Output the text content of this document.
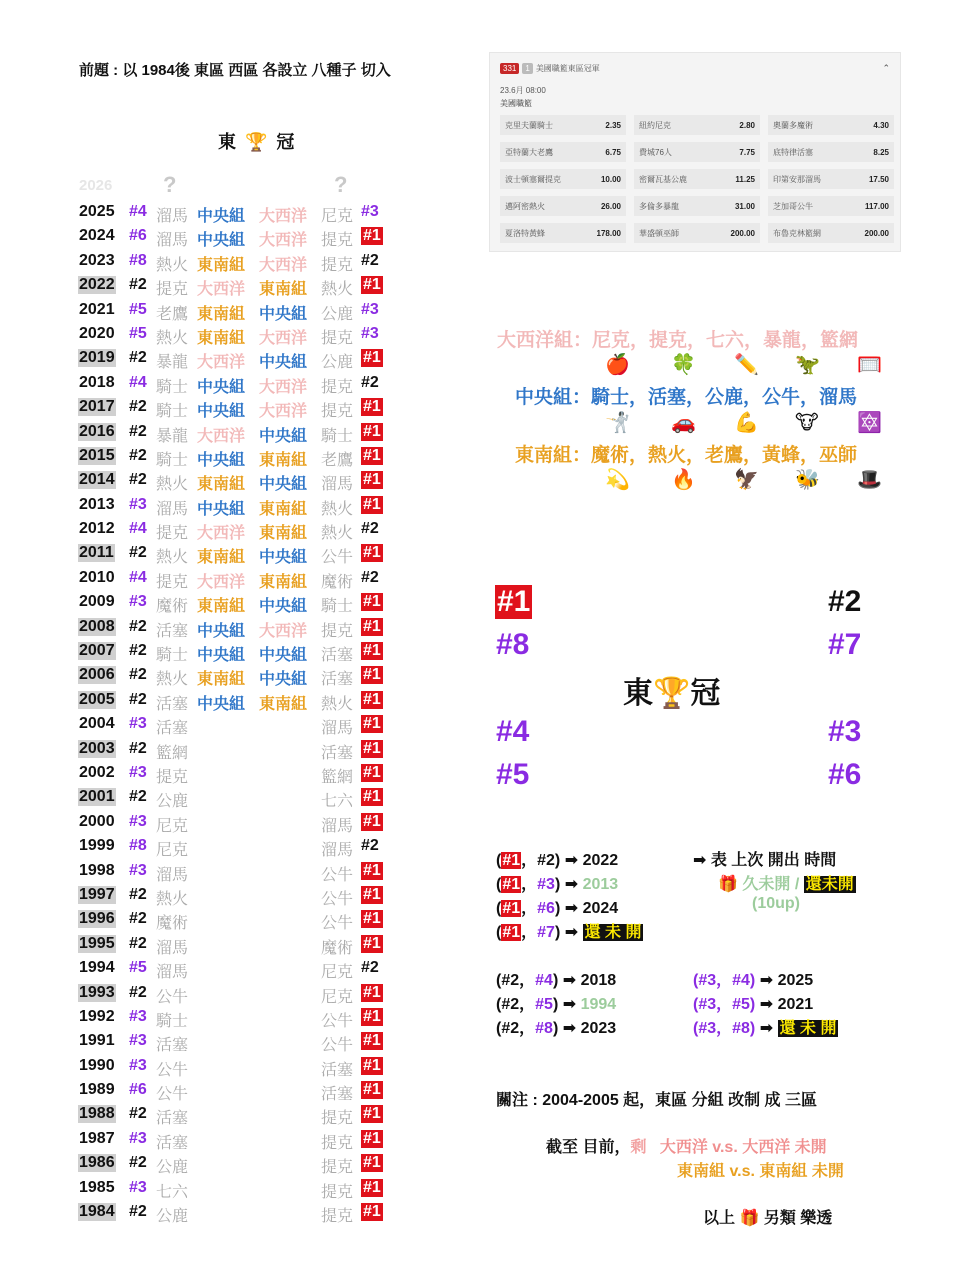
前題 : 以 1984後 東區 西區 各設立 八種子 切入
東 🏆 冠
2026 ?	?
2025 #4 溜馬 中央組 大西洋 尼克 #3
2024 #6 溜馬 中央組 大西洋 提克 #1
2023 #8 熱火 東南組 大西洋 提克 #2
2022 #2 提克 大西洋 東南組 熱火 #1
2021 #5 老鷹 東南組 中央組 公鹿 #3
2020 #5 熱火 東南組 大西洋 提克 #3
2019 #2 暴龍 大西洋 中央組 公鹿 #1
2018 #4 騎士 中央組 大西洋 提克 #2
2017 #2 騎士 中央組 大西洋 提克 #1
2016 #2 暴龍 大西洋 中央組 騎士 #1
2015 #2 騎士 中央組 東南組 老鷹 #1
2014 #2 熱火 東南組 中央組 溜馬 #1
2013 #3 溜馬 中央組 東南組 熱火 #1
2012 #4 提克 大西洋 東南組 熱火 #2
2011 #2 熱火 東南組 中央組 公牛 #1
2010 #4 提克 大西洋 東南組 魔術 #2
2009 #3 魔術 東南組 中央組 騎士 #1
2008 #2 活塞 中央組 大西洋 提克 #1
2007 #2 騎士 中央組 中央組 活塞 #1
2006 #2 熱火 東南組 中央組 活塞 #1
2005 #2 活塞 中央組 東南組 熱火 #1
2004 #3 活塞	溜馬 #1
2003 #2 籃網	活塞 #1
2002 #3 提克	籃網 #1
2001 #2 公鹿	七六 #1
2000 #3 尼克	溜馬 #1
1999 #8 尼克	溜馬 #2
1998 #3 溜馬	公牛 #1
1997 #2 熱火	公牛 #1
1996 #2 魔術	公牛 #1
1995 #2 溜馬	魔術 #1
1994 #5 溜馬	尼克 #2
1993 #2 公牛	尼克 #1
1992 #3 騎士	公牛 #1
1991 #3 活塞	公牛 #1
1990 #3 公牛	活塞 #1
1989 #6 公牛	活塞 #1
1988 #2 活塞	提克 #1
1987 #3 活塞	提克 #1
1986 #2 公鹿	提克 #1
1985 #3 七六	提克 #1
1984 #2 公鹿	提克 #1
331	1 美國職籃東區冠軍	⌃
23.6月 08:00
美國職籃
克里夫蘭騎士	2.35 紐約尼克	2.80 奧蘭多魔術	4.30
亞特蘭大老鷹	6.75 費城76人	7.75 底特律活塞	8.25
波士頓塞爾提克	10.00 密爾瓦基公鹿	11.25 印第安那溜馬	17.50
邁阿密熱火	26.00 多倫多暴龍	31.00 芝加哥公牛	117.00
夏洛特黃蜂	178.00 華盛頓巫師	200.00 布魯克林籃網	200.00
大西洋組：尼克，提克，七六，暴龍，籃網
🍎 🍀 ✏️ 🦖 🥅
中央組：騎士，活塞，公鹿，公牛，溜馬
🤺 🚗 💪 🐮 🔯
東南組：魔術，熱火，老鷹，黃蜂，巫師
💫 🔥 🦅 🐝 🎩
#1	#2
#8	#7
東🏆冠
#4	#3
#5	#6
(#1，#2) ➡ 2022
(#1，#3) ➡ 2013
(#1，#6) ➡ 2024
(#1，#7) ➡ 還 未 開
➡ 表 上次 開出 時間
🎁 久未開 / 還未開
(10up)
(#2，#4) ➡ 2018
(#2，#5) ➡ 1994
(#2，#8) ➡ 2023
(#3，#4) ➡ 2025
(#3，#5) ➡ 2021
(#3，#8) ➡ 還 未 開
關注 : 2004-2005 起，東區 分組 改制 成 三區
截至 目前，剩 大西洋 v.s. 大西洋 未開
東南組 v.s. 東南組 未開
以上 🎁 另類 樂透
